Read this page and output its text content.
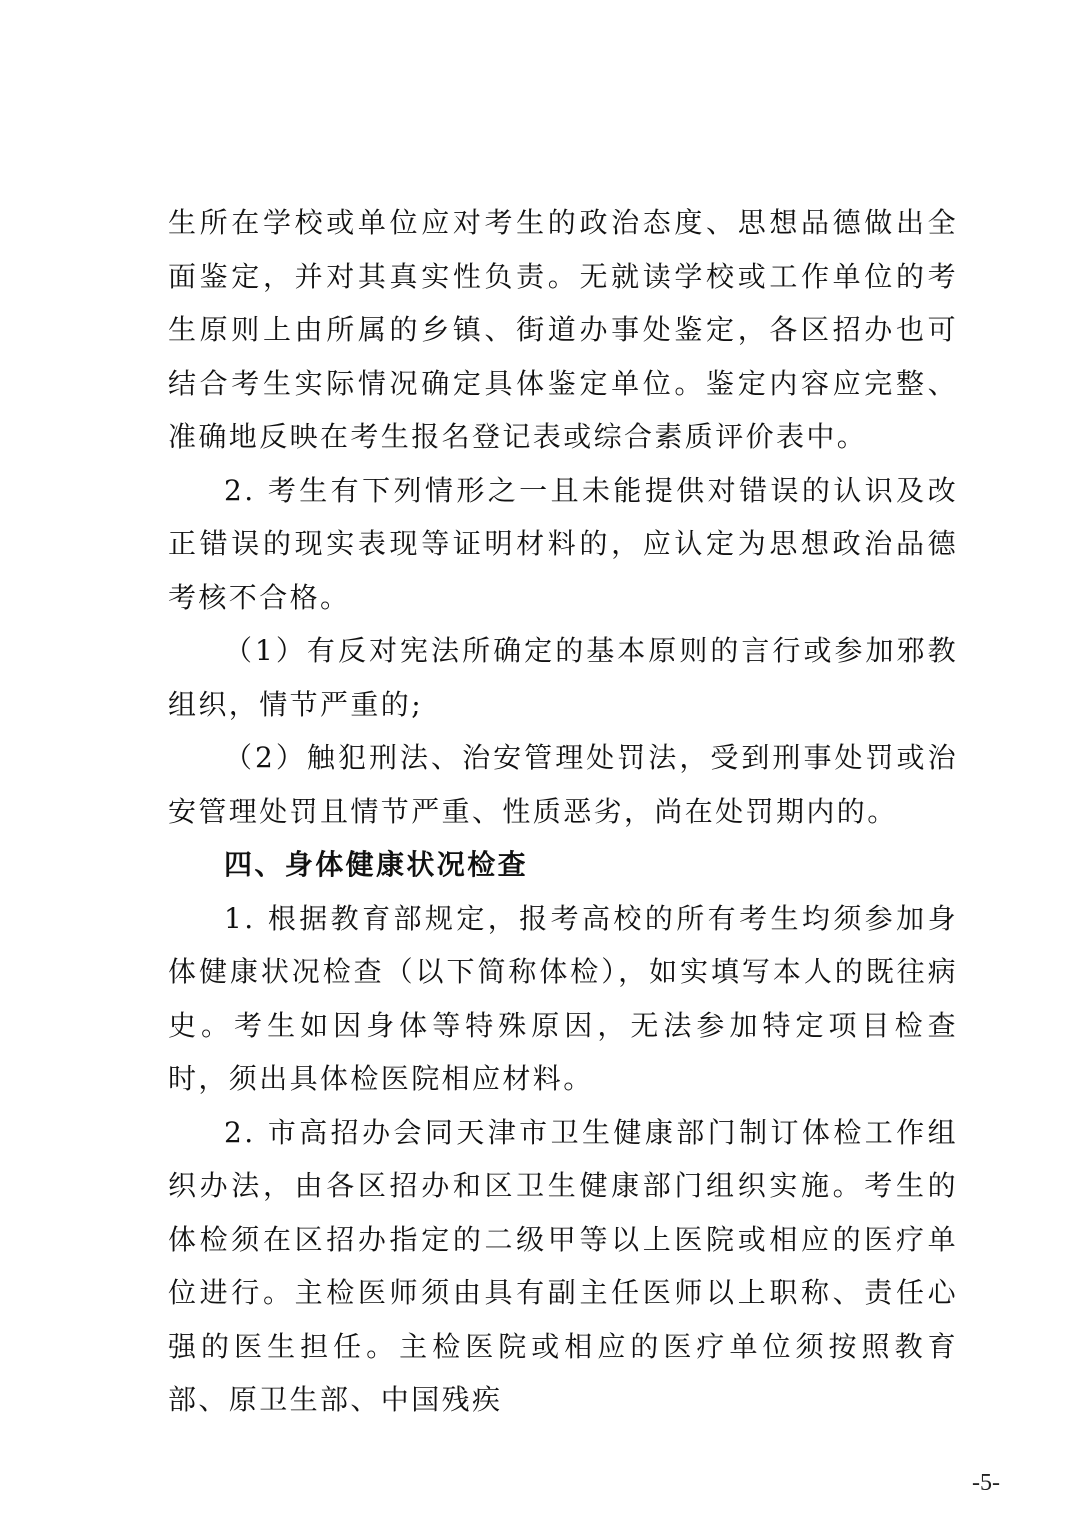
生所在学校或单位应对考生的政治态度、思想品德做出全面鉴定，并对其真实性负责。无就读学校或工作单位的考生原则上由所属的乡镇、街道办事处鉴定，各区招办也可结合考生实际情况确定具体鉴定单位。鉴定内容应完整、准确地反映在考生报名登记表或综合素质评价表中。

2. 考生有下列情形之一且未能提供对错误的认识及改正错误的现实表现等证明材料的，应认定为思想政治品德考核不合格。

（1）有反对宪法所确定的基本原则的言行或参加邪教组织，情节严重的;

（2）触犯刑法、治安管理处罚法，受到刑事处罚或治安管理处罚且情节严重、性质恶劣，尚在处罚期内的。

四、身体健康状况检查

1. 根据教育部规定，报考高校的所有考生均须参加身体健康状况检查（以下简称体检），如实填写本人的既往病史。考生如因身体等特殊原因，无法参加特定项目检查时，须出具体检医院相应材料。

2. 市高招办会同天津市卫生健康部门制订体检工作组织办法，由各区招办和区卫生健康部门组织实施。考生的体检须在区招办指定的二级甲等以上医院或相应的医疗单位进行。主检医师须由具有副主任医师以上职称、责任心强的医生担任。主检医院或相应的医疗单位须按照教育部、原卫生部、中国残疾

-5-
